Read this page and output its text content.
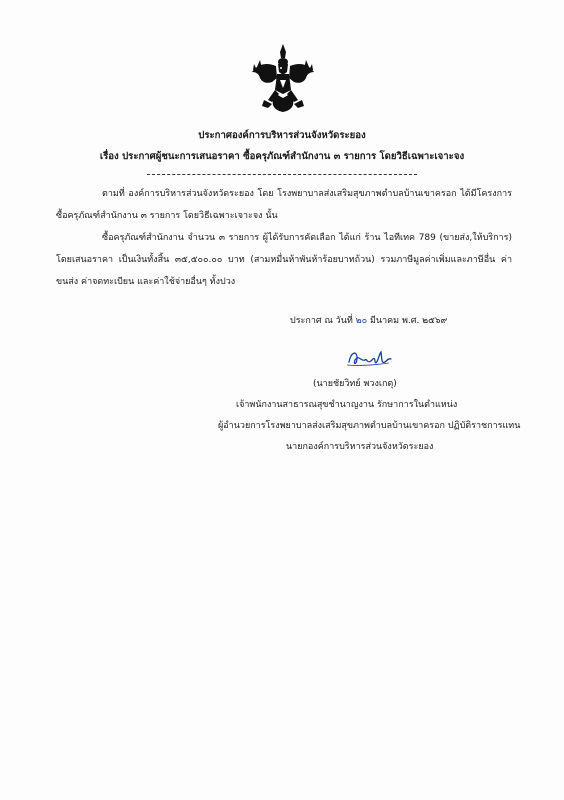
ประกาศองค์การบริหารส่วนจังหวัดระยอง
เรื่อง ประกาศผู้ชนะการเสนอราคา ซื้อครุภัณฑ์สำนักงาน ๓ รายการ โดยวิธีเฉพาะเจาะจง
ตามที่ องค์การบริหารส่วนจังหวัดระยอง โดย โรงพยาบาลส่งเสริมสุขภาพตำบลบ้านเขาครอก ได้มีโครงการซื้อครุภัณฑ์สำนักงาน ๓ รายการ โดยวิธีเฉพาะเจาะจง นั้น
ซื้อครุภัณฑ์สำนักงาน จำนวน ๓ รายการ ผู้ได้รับการคัดเลือก ได้แก่ ร้าน ไอทีเทค 789 (ขายส่ง,ให้บริการ) โดยเสนอราคา เป็นเงินทั้งสิ้น ๓๕,๕๐๐.๐๐ บาท (สามหมื่นห้าพันห้าร้อยบาทถ้วน) รวมภาษีมูลค่าเพิ่มและภาษีอื่น ค่าขนส่ง ค่าจดทะเบียน และค่าใช้จ่ายอื่นๆ ทั้งปวง
ประกาศ ณ วันที่ ๒๐ มีนาคม พ.ศ. ๒๕๖๙
(นายชัยวิทย์ พวงเกตุ)
เจ้าพนักงานสาธารณสุขชำนาญงาน รักษาการในตำแหน่ง
ผู้อำนวยการโรงพยาบาลส่งเสริมสุขภาพตำบลบ้านเขาครอก ปฏิบัติราชการแทน
นายกองค์การบริหารส่วนจังหวัดระยอง
